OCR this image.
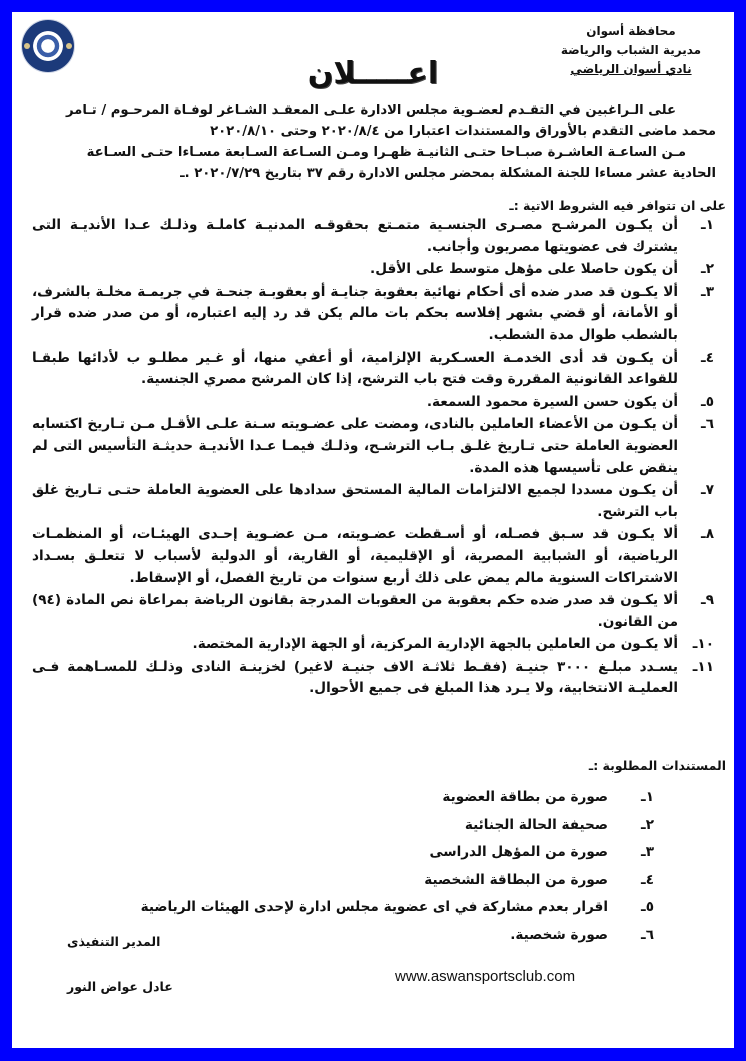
محافظة أسوان
مديرية الشباب والرياضة
نادي أسوان الرياضي
اعـــــلان

على الـراغبين في التقـدم لعضـوية مجلس الادارة علـى المعقـد الشـاغر لوفـاة المرحـوم / تـامر

محمد ماضى التقدم بالأوراق والمستندات اعتبارا من ٢٠٢٠/٨/٤ وحتى ٢٠٢٠/٨/١٠

مـن الساعـة العاشـرة صبـاحا حتـى الثانيـة ظهـرا ومـن السـاعة السـابعة مسـاءا حتـى السـاعة

الحادية عشر مساءا للجنة المشكلة بمحضر مجلس الادارة رقم ٣٧ بتاريخ ٢٠٢٠/٧/٢٩ .ـ

على ان تتوافر فيه الشروط الاتية :ـ
١ـ
أن يكـون المرشـح مصـرى الجنسـية متمـتع بحقوقـه المدنيـة كاملـة وذلـك عـدا الأنديـة التى يشترك فى عضويتها مصريون وأجانب.
٢ـ
أن يكون حاصلا على مؤهل متوسط على الأقل.
٣ـ
ألا يكـون قد صدر ضده أى أحكام نهائية بعقوبة جنايـة أو بعقوبـة جنحـة في جريمـة مخلـة بالشرف، أو الأمانة، أو قضي بشهر إفلاسه بحكم بات مالم يكن قد رد إليه اعتباره، أو من صدر ضده قرار بالشطب طوال مدة الشطب.
٤ـ
أن يكـون قد أدى الخدمـة العسـكرية الإلزامية، أو أعفي منها، أو غـير مطلـو ب لأدائها طبقـا للقواعد القانونية المقررة وقت فتح باب الترشح، إذا كان المرشح مصري الجنسية.
٥ـ
أن يكون حسن السيرة محمود السمعة.
٦ـ
أن يكـون من الأعضاء العاملين بالنادى، ومضت على عضـويته سـنة علـى الأقـل مـن تـاريخ اكتسابه العضوية العاملة حتى تـاريخ غلـق بـاب الترشـح، وذلـك فيمـا عـدا الأنديـة حديثـة التأسيس التى لم ينقض على تأسيسها هذه المدة.
٧ـ
أن يكـون مسددا لجميع الالتزامات المالية المستحق سدادها على العضوية العاملة حتـى تـاريخ غلق باب الترشح.
٨ـ
ألا يكـون قد سـبق فصـله، أو أسـقطت عضـويته، مـن عضـوية إحـدى الهيئـات، أو المنظمـات الرياضية، أو الشبابية المصرية، أو الإقليمية، أو القارية، أو الدولية لأسباب لا تتعلـق بسـداد الاشتراكات السنوية مالم يمض على ذلك أربع سنوات من تاريخ الفصل، أو الإسقاط.
٩ـ
ألا يكـون قد صدر ضده حكم بعقوبة من العقوبات المدرجة بقانون الرياضة بمراعاة نص المادة (٩٤) من القانون.
١٠ـ
ألا يكـون من العاملين بالجهة الإدارية المركزية، أو الجهة الإدارية المختصة.
١١ـ
يسـدد مبلـغ ٣٠٠٠ جنيـة (فقـط ثلاثـة الاف جنيـة لاغير) لخزينـة النادى وذلـك للمسـاهمة فـى العمليـة الانتخابية، ولا يـرد هذا المبلغ فى جميع الأحوال.
المستندات المطلوبة :ـ
١ـ
صورة من بطاقة العضوية
٢ـ
صحيفة الحالة الجنائية
٣ـ
صورة من المؤهل الدراسى
٤ـ
صورة من البطاقة الشخصية
٥ـ
اقرار بعدم مشاركة في اى عضوية مجلس ادارة لإحدى الهيئات الرياضية
٦ـ
صورة شخصية.
المدير التنفيذى
عادل عواض النور
www.aswansportsclub.com
